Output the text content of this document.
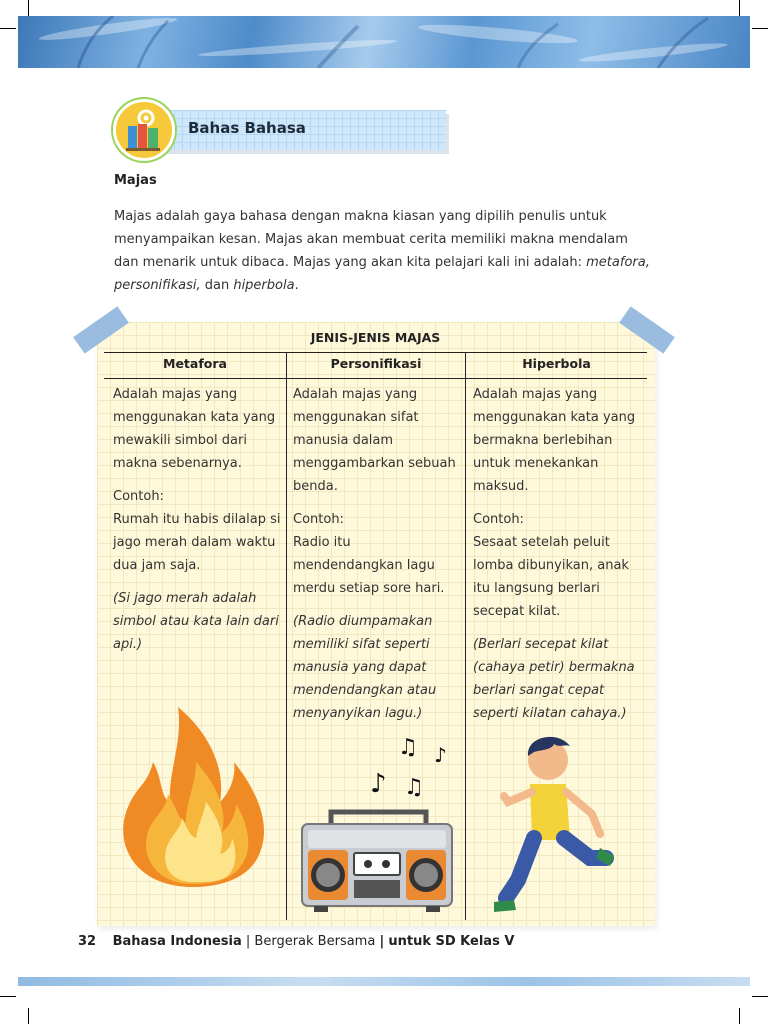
Bahas Bahasa
Majas
Majas adalah gaya bahasa dengan makna kiasan yang dipilih penulis untuk menyampaikan kesan. Majas akan membuat cerita memiliki makna mendalam dan menarik untuk dibaca. Majas yang akan kita pelajari kali ini adalah: metafora,
personifikasi, dan hiperbola.
JENIS-JENIS MAJAS
Metafora	Personifikasi	Hiperbola

Adalah majas yang menggunakan kata yang mewakili simbol dari makna sebenarnya.

Contoh:

Rumah itu habis dilalap si jago merah dalam waktu dua jam saja.

(Si jago merah adalah simbol atau kata lain dari api.)

Adalah majas yang menggunakan sifat manusia dalam menggambarkan sebuah benda.

Contoh:

Radio itu mendendangkan lagu merdu setiap sore hari.

(Radio diumpamakan memiliki sifat seperti manusia yang dapat mendendangkan atau menyanyikan lagu.)

Adalah majas yang menggunakan kata yang bermakna berlebihan untuk menekankan maksud.

Contoh:

Sesaat setelah peluit lomba dibunyikan, anak itu langsung berlari secepat kilat.

(Berlari secepat kilat (cahaya petir) bermakna berlari sangat cepat seperti kilatan cahaya.)

♫ ♪
♪ ♫
32 Bahasa Indonesia | Bergerak Bersama | untuk SD Kelas V
